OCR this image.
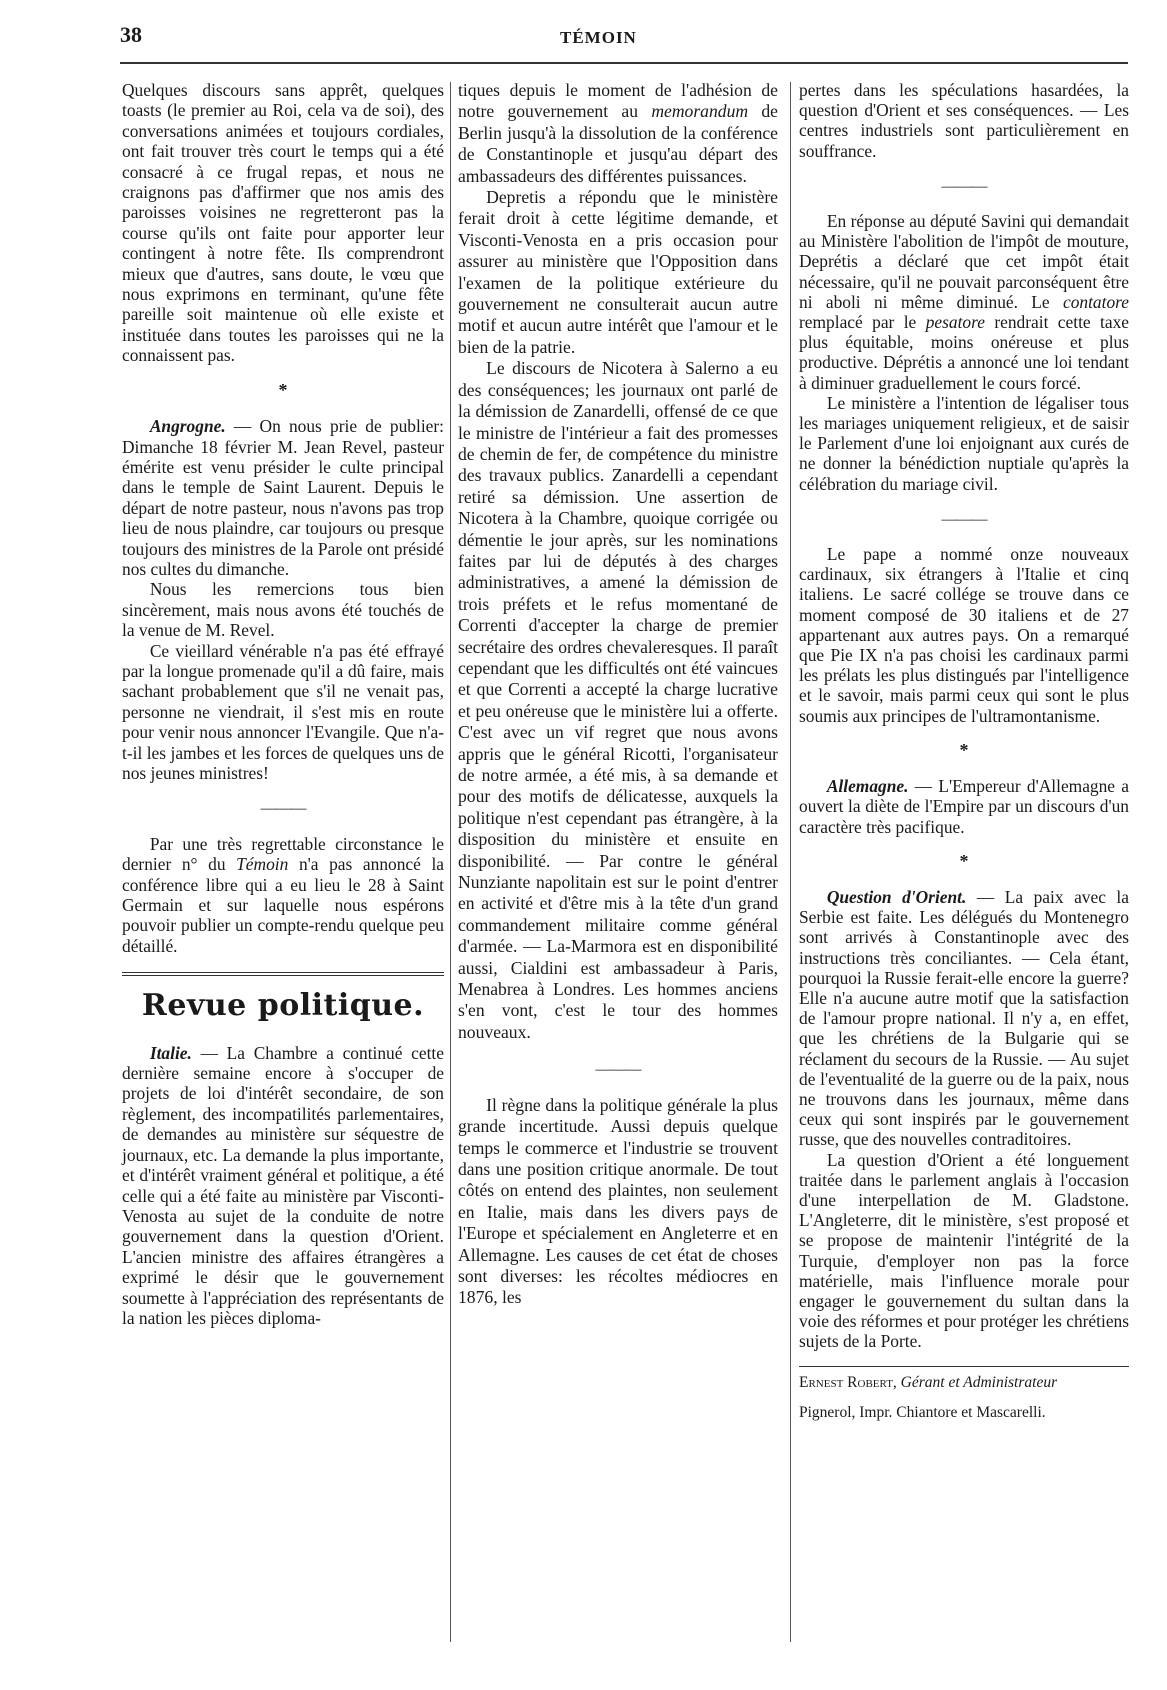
38	TÉMOIN

Quelques discours sans apprêt, quelques toasts (le premier au Roi, cela va de soi), des conversations animées et toujours cordiales, ont fait trouver très court le temps qui a été consacré à ce frugal repas, et nous ne craignons pas d'affirmer que nos amis des paroisses voisines ne regretteront pas la course qu'ils ont faite pour apporter leur contingent à notre fête. Ils comprendront mieux que d'autres, sans doute, le vœu que nous exprimons en terminant, qu'une fête pareille soit maintenue où elle existe et instituée dans toutes les paroisses qui ne la connaissent pas.

*

Angrogne. — On nous prie de publier: Dimanche 18 février M. Jean Revel, pasteur émérite est venu présider le culte principal dans le temple de Saint Laurent. Depuis le départ de notre pasteur, nous n'avons pas trop lieu de nous plaindre, car toujours ou presque toujours des ministres de la Parole ont présidé nos cultes du dimanche.

Nous les remercions tous bien sincèrement, mais nous avons été touchés de la venue de M. Revel.

Ce vieillard vénérable n'a pas été effrayé par la longue promenade qu'il a dû faire, mais sachant probablement que s'il ne venait pas, personne ne viendrait, il s'est mis en route pour venir nous annoncer l'Evangile. Que n'a-t-il les jambes et les forces de quelques uns de nos jeunes ministres!

———

Par une très regrettable circonstance le dernier n° du Témoin n'a pas annoncé la conférence libre qui a eu lieu le 28 à Saint Germain et sur laquelle nous espérons pouvoir publier un compte-rendu quelque peu détaillé.

Revue politique.

Italie. — La Chambre a continué cette dernière semaine encore à s'occuper de projets de loi d'intérêt secondaire, de son règlement, des incompatilités parlementaires, de demandes au ministère sur séquestre de journaux, etc. La demande la plus importante, et d'intérêt vraiment général et politique, a été celle qui a été faite au ministère par Visconti-Venosta au sujet de la conduite de notre gouvernement dans la question d'Orient. L'ancien ministre des affaires étrangères a exprimé le désir que le gouvernement soumette à l'appréciation des représentants de la nation les pièces diploma-

tiques depuis le moment de l'adhésion de notre gouvernement au memorandum de Berlin jusqu'à la dissolution de la conférence de Constantinople et jusqu'au départ des ambassadeurs des différentes puissances.

Depretis a répondu que le ministère ferait droit à cette légitime demande, et Visconti-Venosta en a pris occasion pour assurer au ministère que l'Opposition dans l'examen de la politique extérieure du gouvernement ne consulterait aucun autre motif et aucun autre intérêt que l'amour et le bien de la patrie.

Le discours de Nicotera à Salerno a eu des conséquences; les journaux ont parlé de la démission de Zanardelli, offensé de ce que le ministre de l'intérieur a fait des promesses de chemin de fer, de compétence du ministre des travaux publics. Zanardelli a cependant retiré sa démission. Une assertion de Nicotera à la Chambre, quoique corrigée ou démentie le jour après, sur les nominations faites par lui de députés à des charges administratives, a amené la démission de trois préfets et le refus momentané de Correnti d'accepter la charge de premier secrétaire des ordres chevaleresques. Il paraît cependant que les difficultés ont été vaincues et que Correnti a accepté la charge lucrative et peu onéreuse que le ministère lui a offerte. C'est avec un vif regret que nous avons appris que le général Ricotti, l'organisateur de notre armée, a été mis, à sa demande et pour des motifs de délicatesse, auxquels la politique n'est cependant pas étrangère, à la disposition du ministère et ensuite en disponibilité. — Par contre le général Nunziante napolitain est sur le point d'entrer en activité et d'être mis à la tête d'un grand commandement militaire comme général d'armée. — La-Marmora est en disponibilité aussi, Cialdini est ambassadeur à Paris, Menabrea à Londres. Les hommes anciens s'en vont, c'est le tour des hommes nouveaux.

———

Il règne dans la politique générale la plus grande incertitude. Aussi depuis quelque temps le commerce et l'industrie se trouvent dans une position critique anormale. De tout côtés on entend des plaintes, non seulement en Italie, mais dans les divers pays de l'Europe et spécialement en Angleterre et en Allemagne. Les causes de cet état de choses sont diverses: les récoltes médiocres en 1876, les

pertes dans les spéculations hasardées, la question d'Orient et ses conséquences. — Les centres industriels sont particulièrement en souffrance.

———

En réponse au député Savini qui demandait au Ministère l'abolition de l'impôt de mouture, Deprétis a déclaré que cet impôt était nécessaire, qu'il ne pouvait parconséquent être ni aboli ni même diminué. Le contatore remplacé par le pesatore rendrait cette taxe plus équitable, moins onéreuse et plus productive. Déprétis a annoncé une loi tendant à diminuer graduellement le cours forcé.

Le ministère a l'intention de légaliser tous les mariages uniquement religieux, et de saisir le Parlement d'une loi enjoignant aux curés de ne donner la bénédiction nuptiale qu'après la célébration du mariage civil.

———

Le pape a nommé onze nouveaux cardinaux, six étrangers à l'Italie et cinq italiens. Le sacré collége se trouve dans ce moment composé de 30 italiens et de 27 appartenant aux autres pays. On a remarqué que Pie IX n'a pas choisi les cardinaux parmi les prélats les plus distingués par l'intelligence et le savoir, mais parmi ceux qui sont le plus soumis aux principes de l'ultramontanisme.

*

Allemagne. — L'Empereur d'Allemagne a ouvert la diète de l'Empire par un discours d'un caractère très pacifique.

*

Question d'Orient. — La paix avec la Serbie est faite. Les délégués du Montenegro sont arrivés à Constantinople avec des instructions très conciliantes. — Cela étant, pourquoi la Russie ferait-elle encore la guerre? Elle n'a aucune autre motif que la satisfaction de l'amour propre national. Il n'y a, en effet, que les chrétiens de la Bulgarie qui se réclament du secours de la Russie. — Au sujet de l'eventualité de la guerre ou de la paix, nous ne trouvons dans les journaux, même dans ceux qui sont inspirés par le gouvernement russe, que des nouvelles contraditoires.

La question d'Orient a été longuement traitée dans le parlement anglais à l'occasion d'une interpellation de M. Gladstone. L'Angleterre, dit le ministère, s'est proposé et se propose de maintenir l'intégrité de la Turquie, d'employer non pas la force matérielle, mais l'influence morale pour engager le gouvernement du sultan dans la voie des réformes et pour protéger les chrétiens sujets de la Porte.

Ernest Robert, Gérant et Administrateur

Pignerol, Impr. Chiantore et Mascarelli.
